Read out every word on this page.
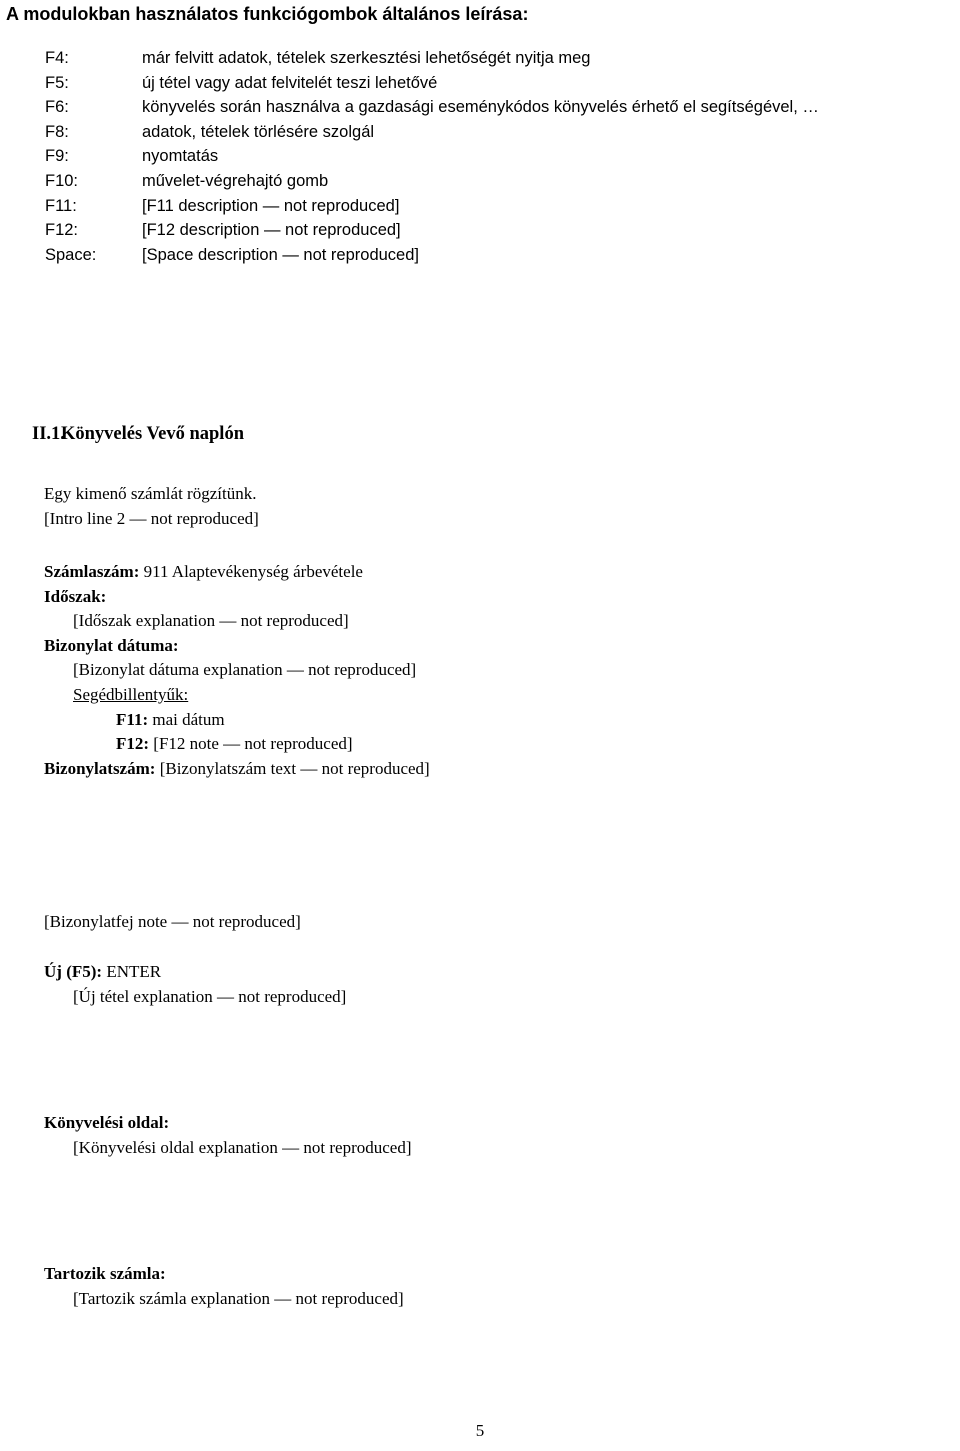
A modulokban használatos funkciógombok általános leírása:
F4:	már felvitt adatok, tételek szerkesztési lehetőségét nyitja meg

F5:	új tétel vagy adat felvitelét teszi lehetővé

F6:	könyvelés során használva a gazdasági eseménykódos könyvelés érhető el segítségével, …

F8:	adatok, tételek törlésére szolgál

F9:	nyomtatás

F10:	művelet-végrehajtó gomb

F11:	[F11 description — not reproduced]

F12:	[F12 description — not reproduced]

Space:	[Space description — not reproduced]

II.1.Könyvelés Vevő naplón

Egy kimenő számlát rögzítünk.

[Intro line 2 — not reproduced]

Számlaszám: 911 Alaptevékenység árbevétele

Időszak:

[Időszak explanation — not reproduced]

Bizonylat dátuma:

[Bizonylat dátuma explanation — not reproduced]

Segédbillentyűk:

F11: mai dátum

F12: [F12 note — not reproduced]

Bizonylatszám: [Bizonylatszám text — not reproduced]

[Bizonylatfej note — not reproduced]

Új (F5): ENTER

[Új tétel explanation — not reproduced]

Könyvelési oldal:

[Könyvelési oldal explanation — not reproduced]

Tartozik számla:

[Tartozik számla explanation — not reproduced]

5
